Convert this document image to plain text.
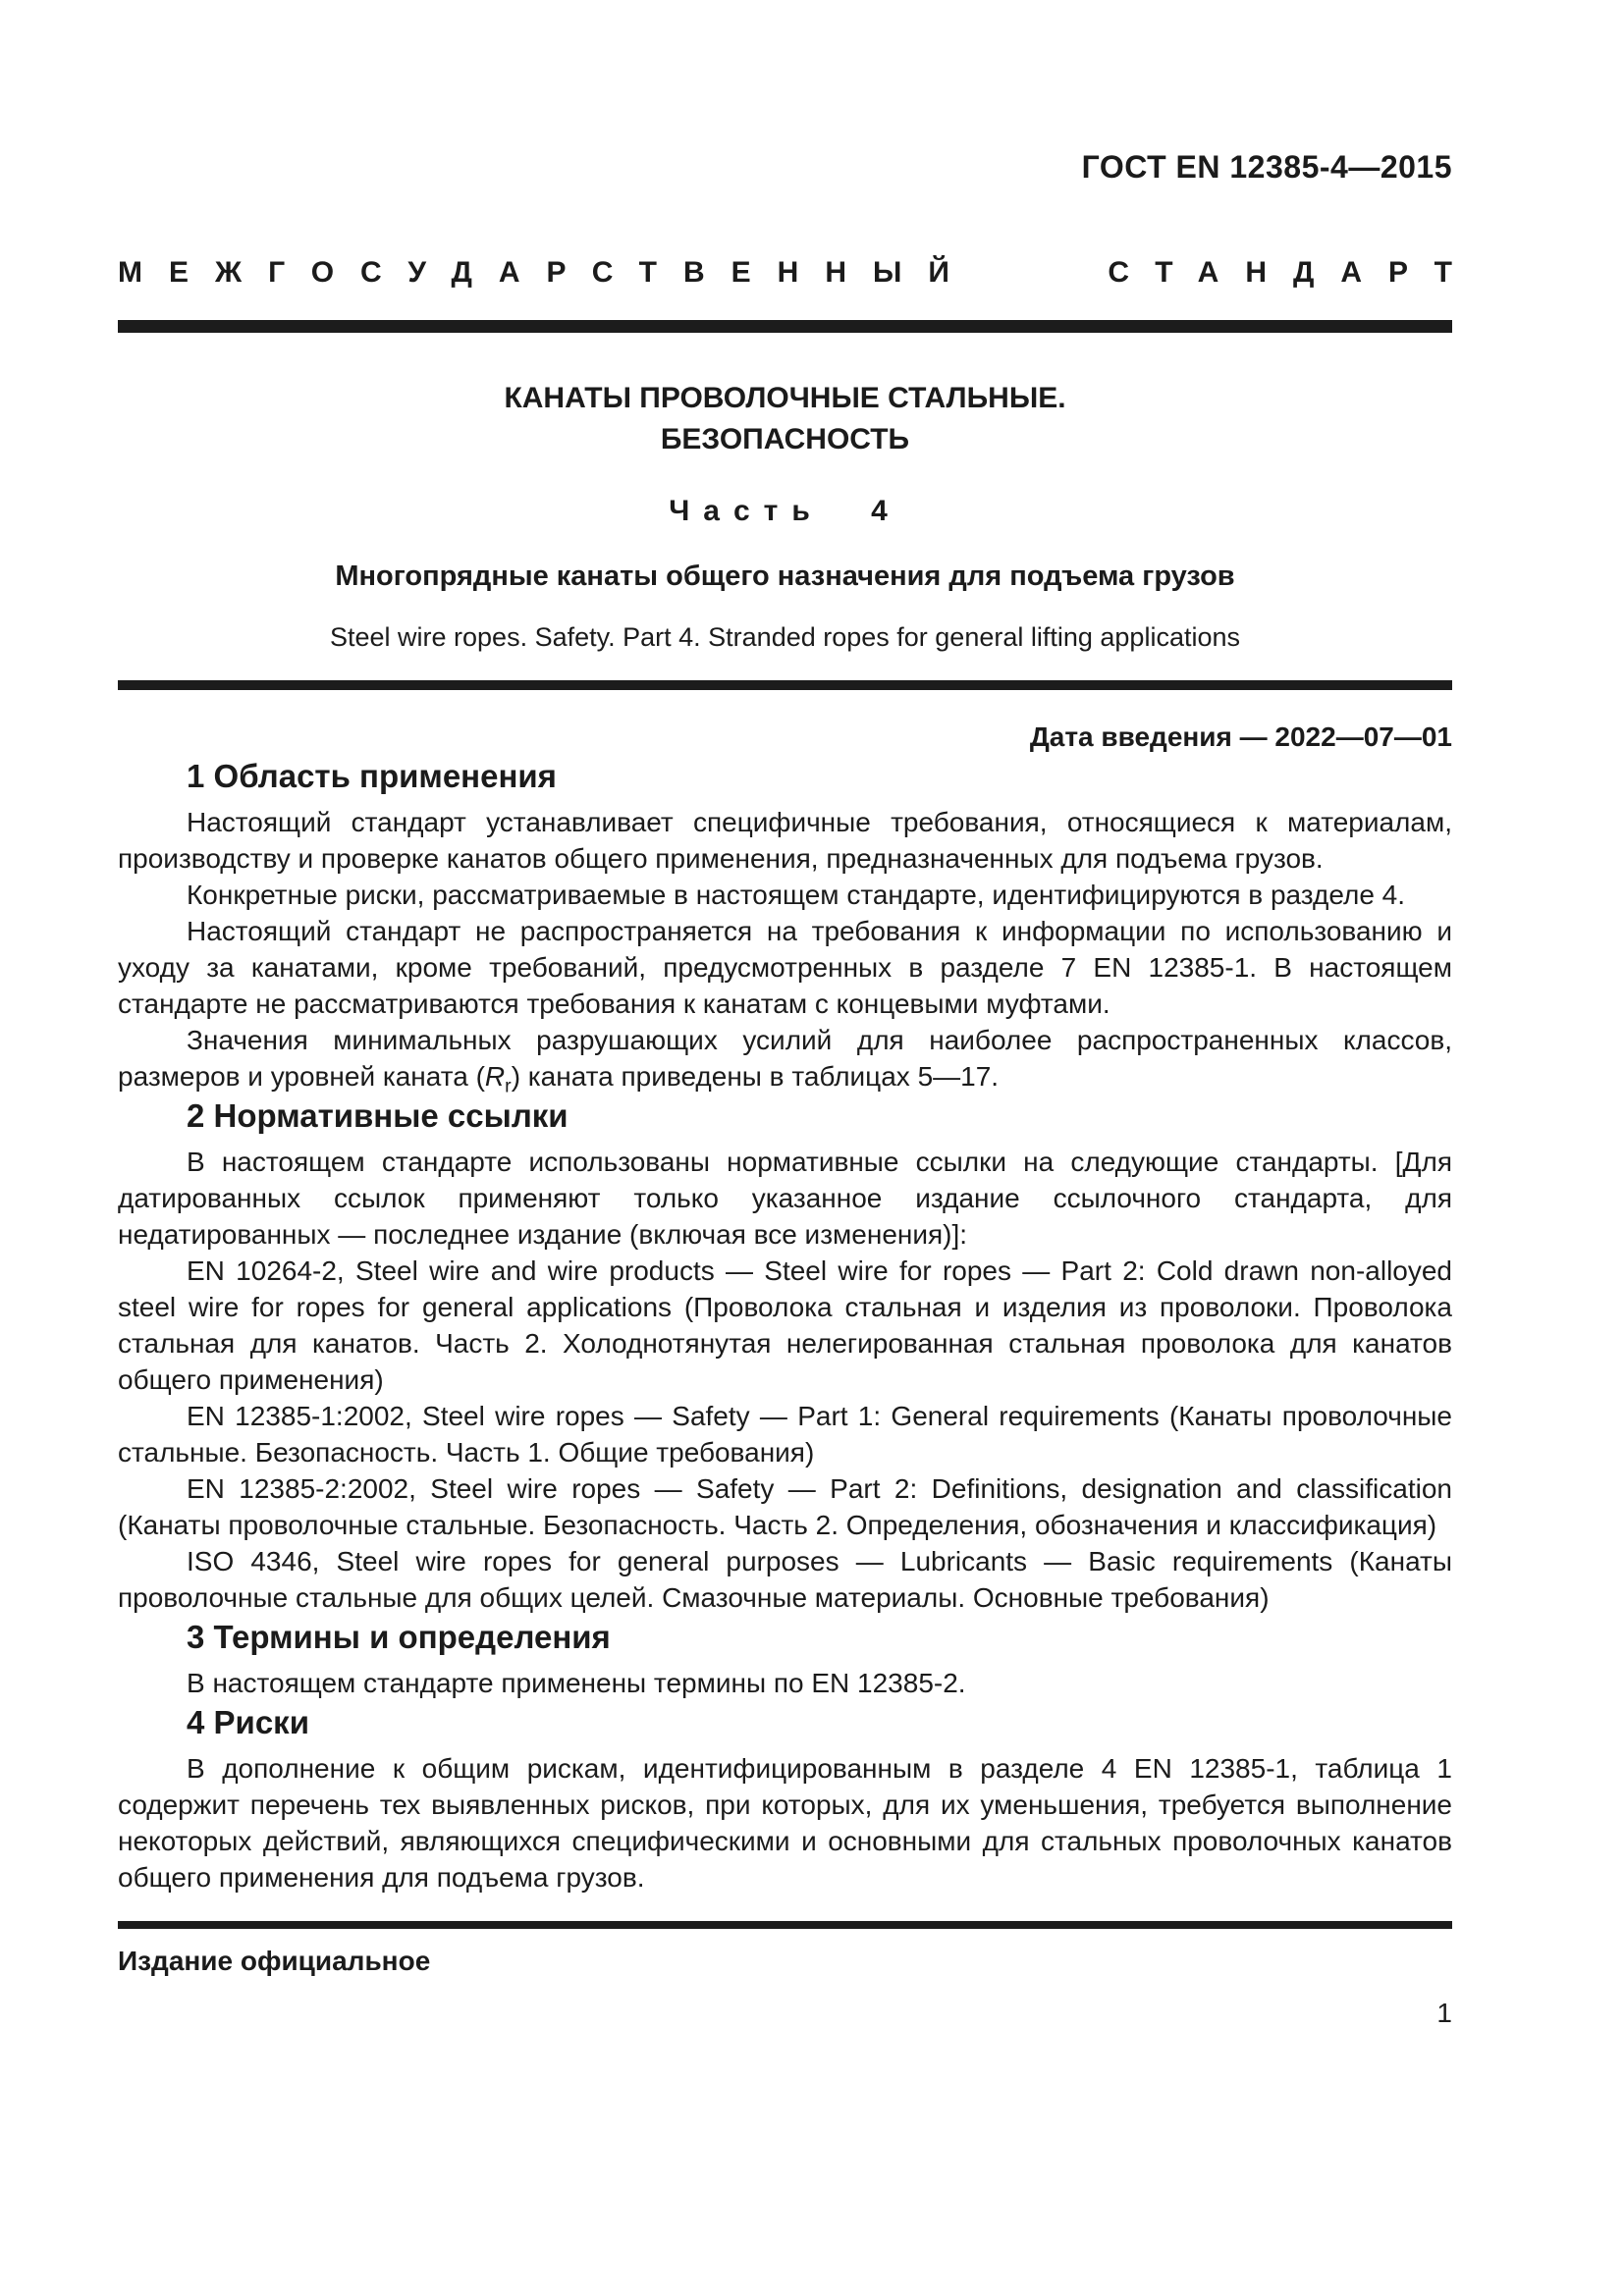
ГОСТ EN 12385-4—2015
МЕЖГОСУДАРСТВЕННЫЙ	СТАНДАРТ
КАНАТЫ ПРОВОЛОЧНЫЕ СТАЛЬНЫЕ.
БЕЗОПАСНОСТЬ
Часть 4
Многопрядные канаты общего назначения для подъема грузов
Steel wire ropes. Safety. Part 4. Stranded ropes for general lifting applications
Дата введения — 2022—07—01
1 Область применения

Настоящий стандарт устанавливает специфичные требования, относящиеся к материалам, производству и проверке канатов общего применения, предназначенных для подъема грузов.

Конкретные риски, рассматриваемые в настоящем стандарте, идентифицируются в разделе 4.

Настоящий стандарт не распространяется на требования к информации по использованию и уходу за канатами, кроме требований, предусмотренных в разделе 7 EN 12385-1. В настоящем стандарте не рассматриваются требования к канатам с концевыми муфтами.

Значения минимальных разрушающих усилий для наиболее распространенных классов, размеров и уровней каната $(R_r)$ каната приведены в таблицах 5—17.

2 Нормативные ссылки

В настоящем стандарте использованы нормативные ссылки на следующие стандарты. [Для датированных ссылок применяют только указанное издание ссылочного стандарта, для недатированных — последнее издание (включая все изменения)]:

EN 10264-2, Steel wire and wire products — Steel wire for ropes — Part 2: Cold drawn non-alloyed steel wire for ropes for general applications (Проволока стальная и изделия из проволоки. Проволока стальная для канатов. Часть 2. Холоднотянутая нелегированная стальная проволока для канатов общего применения)

EN 12385-1:2002, Steel wire ropes — Safety — Part 1: General requirements (Канаты проволочные стальные. Безопасность. Часть 1. Общие требования)

EN 12385-2:2002, Steel wire ropes — Safety — Part 2: Definitions, designation and classification (Канаты проволочные стальные. Безопасность. Часть 2. Определения, обозначения и классификация)

ISO 4346, Steel wire ropes for general purposes — Lubricants — Basic requirements (Канаты проволочные стальные для общих целей. Смазочные материалы. Основные требования)

3 Термины и определения

В настоящем стандарте применены термины по EN 12385-2.

4 Риски

В дополнение к общим рискам, идентифицированным в разделе 4 EN 12385-1, таблица 1 содержит перечень тех выявленных рисков, при которых, для их уменьшения, требуется выполнение некоторых действий, являющихся специфическими и основными для стальных проволочных канатов общего применения для подъема грузов.

Издание официальное
1
